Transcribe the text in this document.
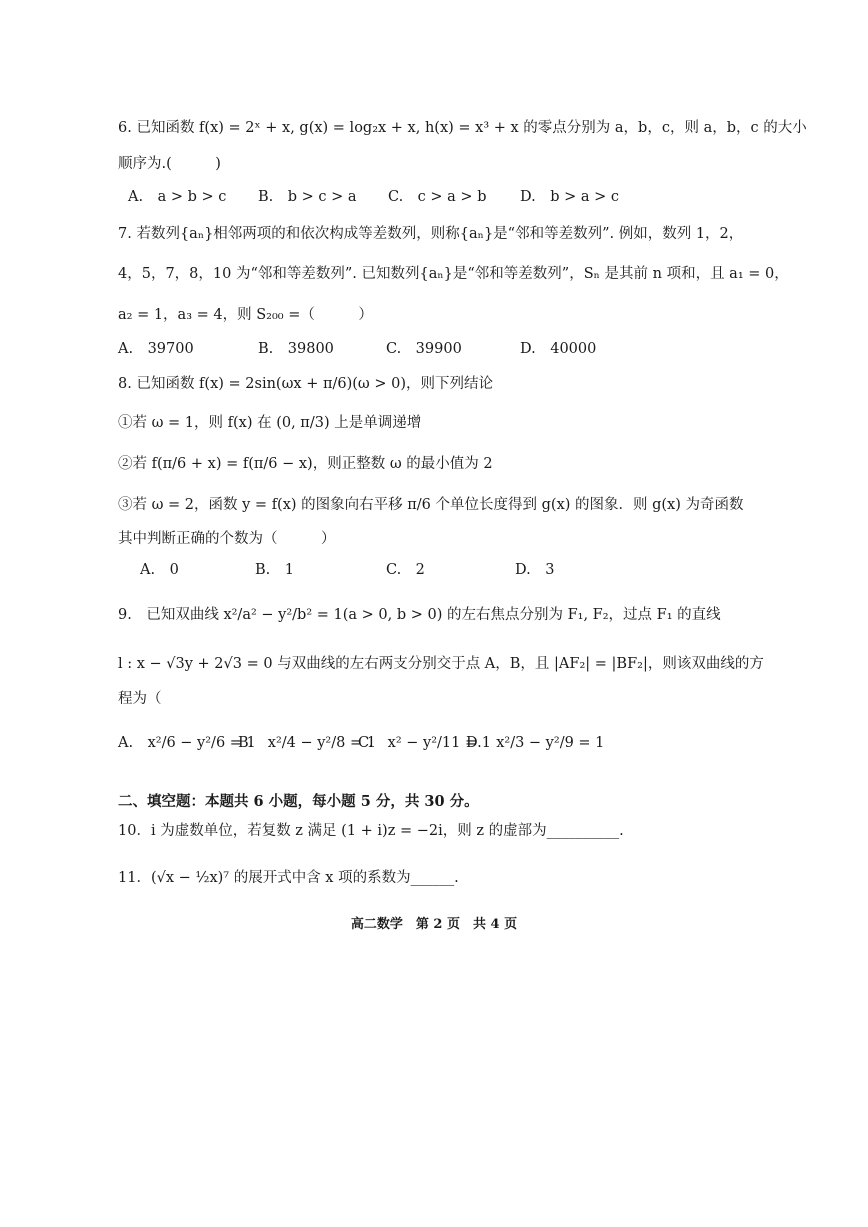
6. 已知函数 f(x) = 2ˣ + x, g(x) = log₂x + x, h(x) = x³ + x 的零点分别为 a，b，c，则 a，b，c 的大小
顺序为.(　　　)
A.　a > b > c B.　b > c > a C.　c > a > b D.　b > a > c
7. 若数列{aₙ}相邻两项的和依次构成等差数列，则称{aₙ}是“邻和等差数列”. 例如，数列 1，2，
4，5，7，8，10 为“邻和等差数列”. 已知数列{aₙ}是“邻和等差数列”，Sₙ 是其前 n 项和，且 a₁ = 0，
a₂ = 1，a₃ = 4，则 S₂₀₀ =（　　　）
A.　39700	B.　39800	C.　39900	D.　40000
8. 已知函数 f(x) = 2sin(ωx + π/6)(ω > 0)，则下列结论
①若 ω = 1，则 f(x) 在 (0, π/3) 上是单调递增
②若 f(π/6 + x) = f(π/6 − x)，则正整数 ω 的最小值为 2
③若 ω = 2，函数 y = f(x) 的图象向右平移 π/6 个单位长度得到 g(x) 的图象．则 g(x) 为奇函数
其中判断正确的个数为（　　　）
A.　0	B.　1	C.　2	D.　3
9.　已知双曲线 x²/a² − y²/b² = 1(a > 0, b > 0) 的左右焦点分别为 F₁, F₂，过点 F₁ 的直线
l : x − √3y + 2√3 = 0 与双曲线的左右两支分别交于点 A，B，且 |AF₂| = |BF₂|，则该双曲线的方
程为（
A.　x²/6 − y²/6 = 1
B.　x²/4 − y²/8 = 1
C.　x² − y²/11 = 1
D.　x²/3 − y²/9 = 1
二、填空题：本题共 6 小题，每小题 5 分，共 30 分。
10．i 为虚数单位，若复数 z 满足 (1 + i)z = −2i，则 z 的虚部为__________.
11．(√x − ½x)⁷ 的展开式中含 x 项的系数为______.
高二数学　第 2 页　共 4 页
